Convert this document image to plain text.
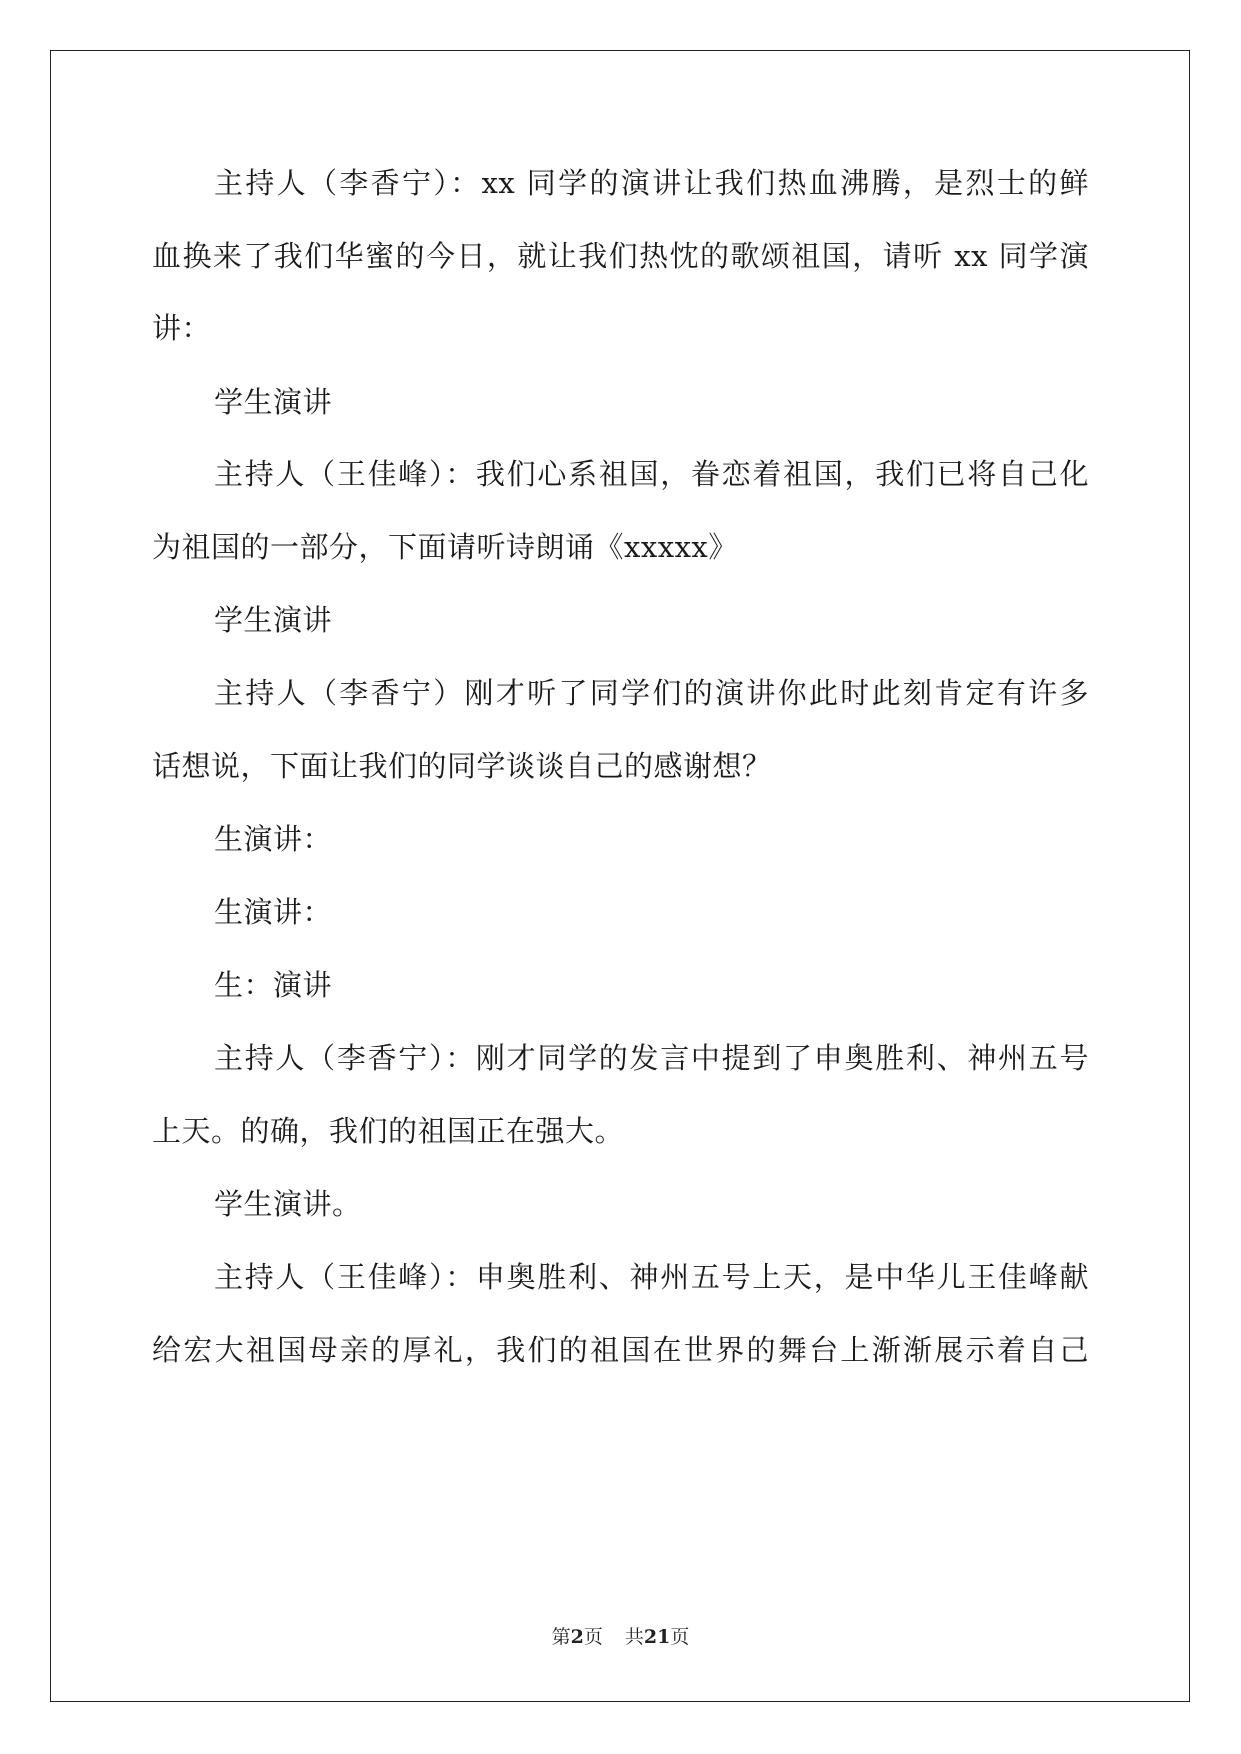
主持人（李香宁）：xx 同学的演讲让我们热血沸腾，是烈士的鲜
血换来了我们华蜜的今日，就让我们热忱的歌颂祖国，请听 xx 同学演
讲：
学生演讲
主持人（王佳峰）：我们心系祖国，眷恋着祖国，我们已将自己化
为祖国的一部分，下面请听诗朗诵《xxxxx》
学生演讲
主持人（李香宁）刚才听了同学们的演讲你此时此刻肯定有许多
话想说，下面让我们的同学谈谈自己的感谢想？
生演讲：
生演讲：
生：演讲
主持人（李香宁）：刚才同学的发言中提到了申奥胜利、神州五号
上天。的确，我们的祖国正在强大。
学生演讲。
主持人（王佳峰）：申奥胜利、神州五号上天，是中华儿王佳峰献
给宏大祖国母亲的厚礼，我们的祖国在世界的舞台上渐渐展示着自己
第2页 共21页
